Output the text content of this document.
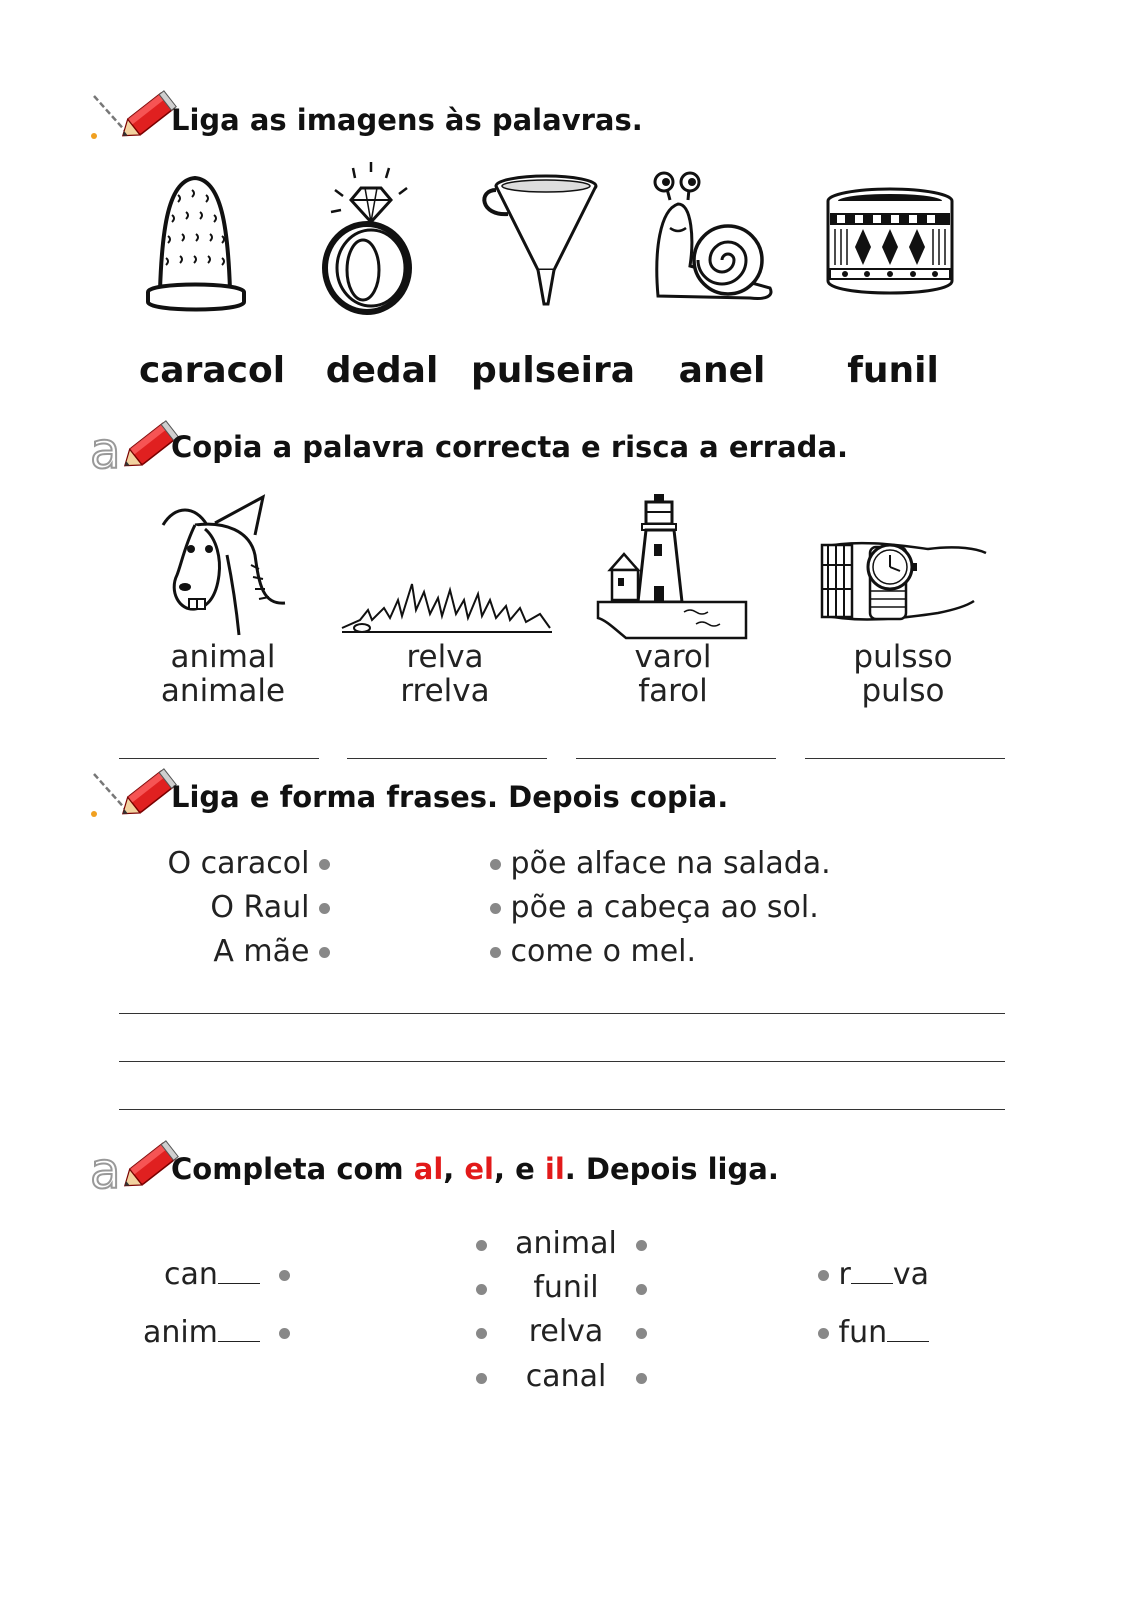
Liga as imagens às palavras.
caracol	dedal pulseira	anel	funil
a Copia a palavra correcta e risca a errada.
animal
animale
relva
rrelva
varol
farol
pulsso
pulso
Liga e forma frases. Depois copia.
O caracol
O Raul
A mãe
põe alface na salada.
põe a cabeça ao sol.
come o mel.
a Completa com al, el, e il. Depois liga.
can
anim
animal
funil
relva
canal
r va
fun
